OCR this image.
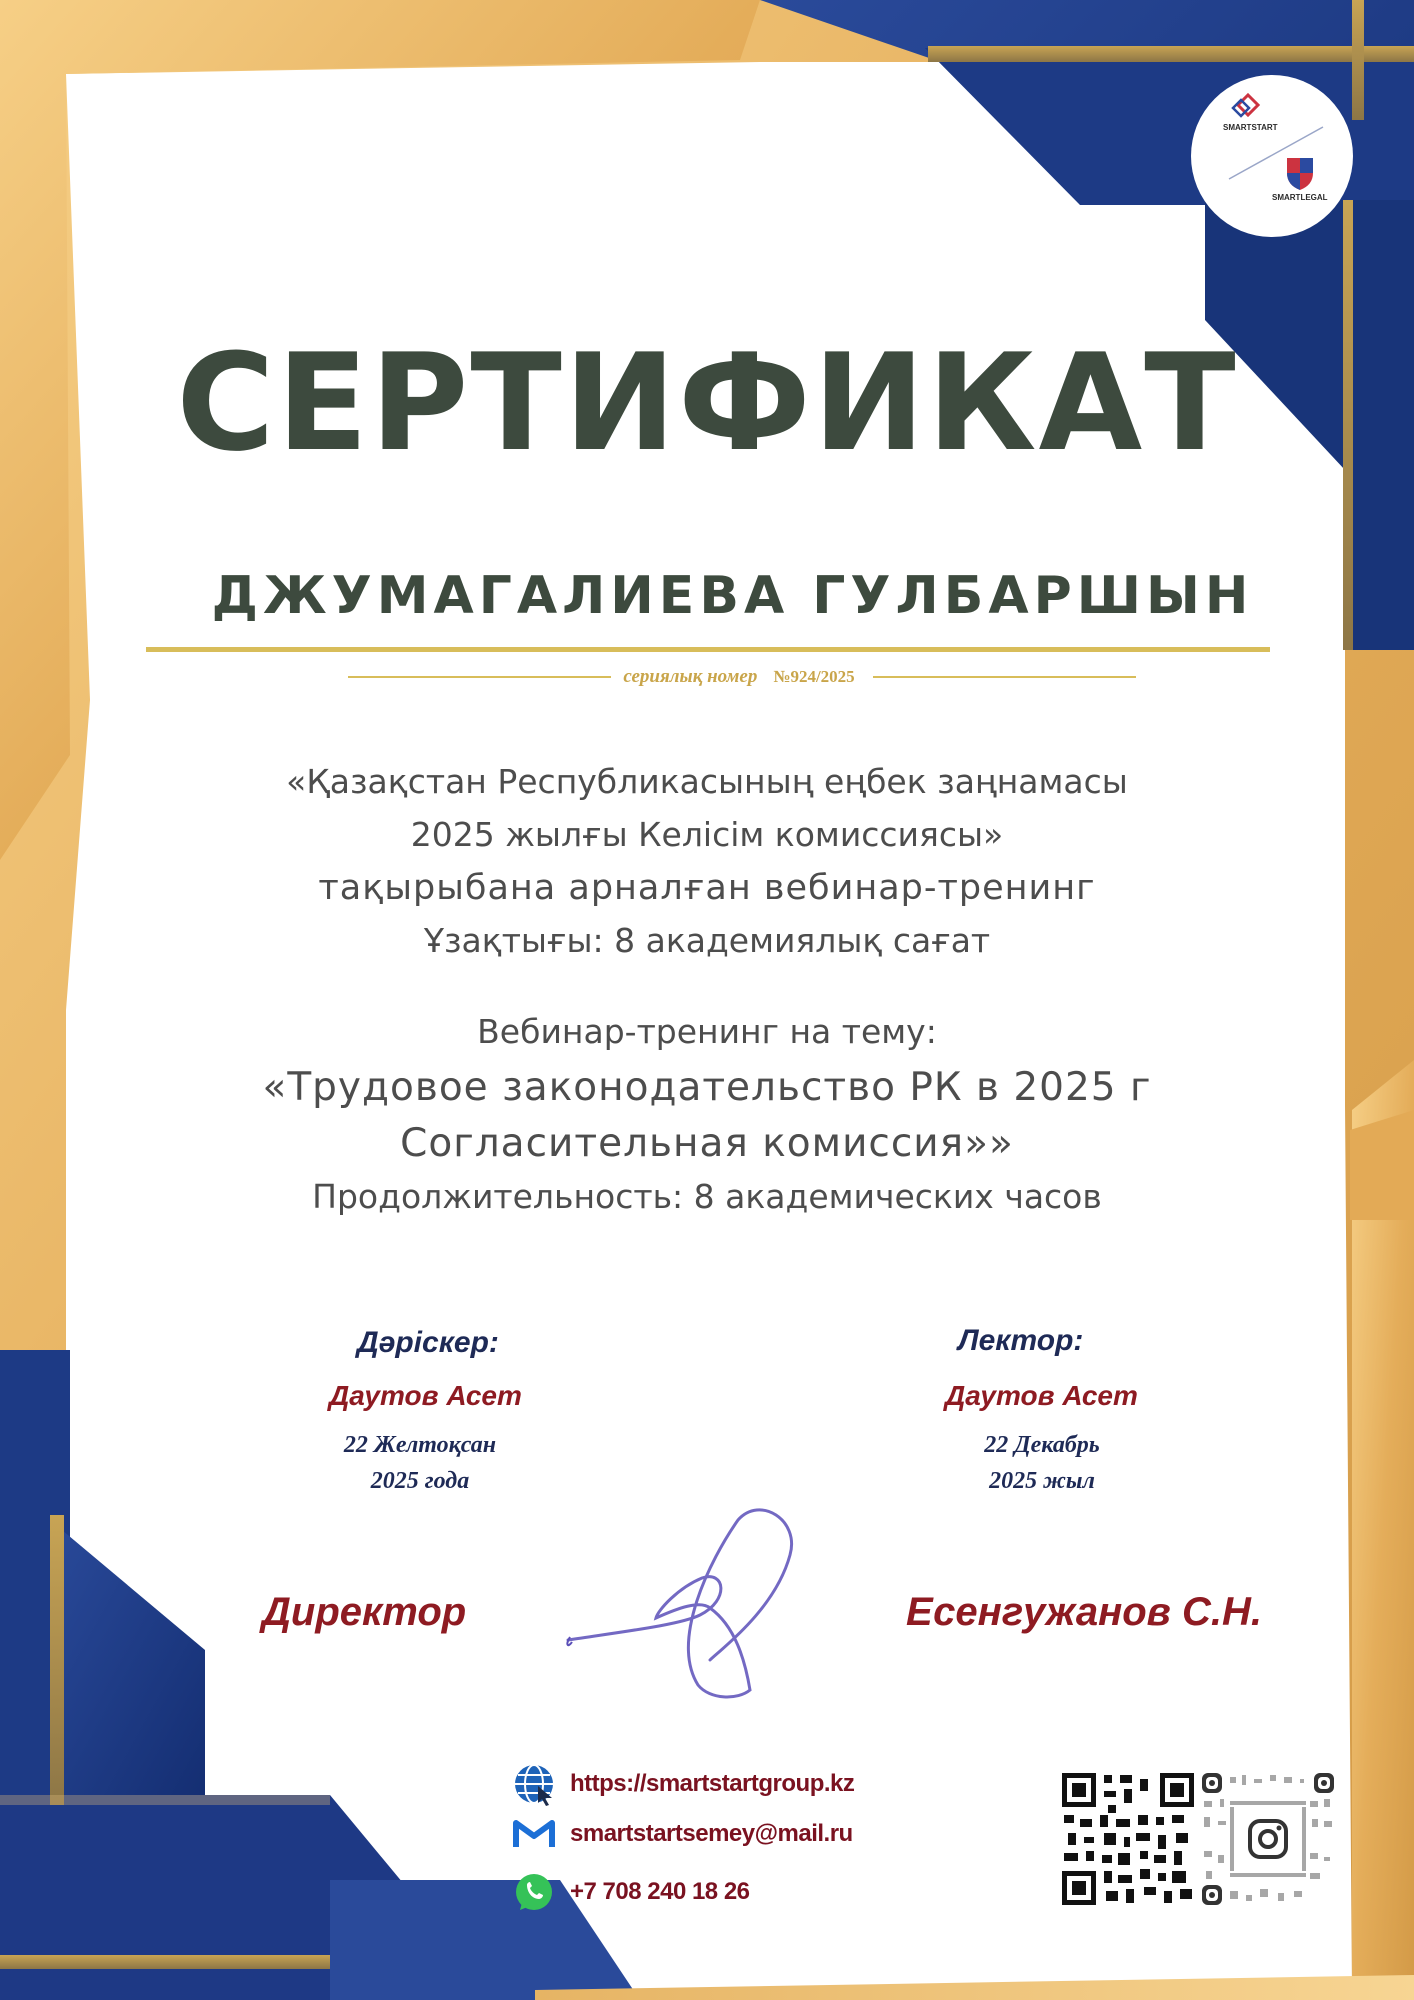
SMARTSTART
SMARTLEGAL
СЕРТИФИКАТ
ДЖУМАГАЛИЕВА ГУЛБАРШЫН
сериялық номер №924/2025
«Қазақстан Республикасының еңбек заңнамасы
2025 жылғы Келісім комиссиясы»
тақырыбана арналған вебинар-тренинг
Ұзақтығы: 8 академиялық сағат
Вебинар-тренинг на тему:
«Трудовое законодательство РК в 2025 г
Согласительная комиссия»»
Продолжительность: 8 академических часов
Дәріскер:
Даутов Асет
22 Желтоқсан
2025 года
Лектор:
Даутов Асет
22 Декабрь
2025 жыл
Директор	Есенгужанов С.Н.
https://smartstartgroup.kz
smartstartsemey@mail.ru
+7 708 240 18 26
